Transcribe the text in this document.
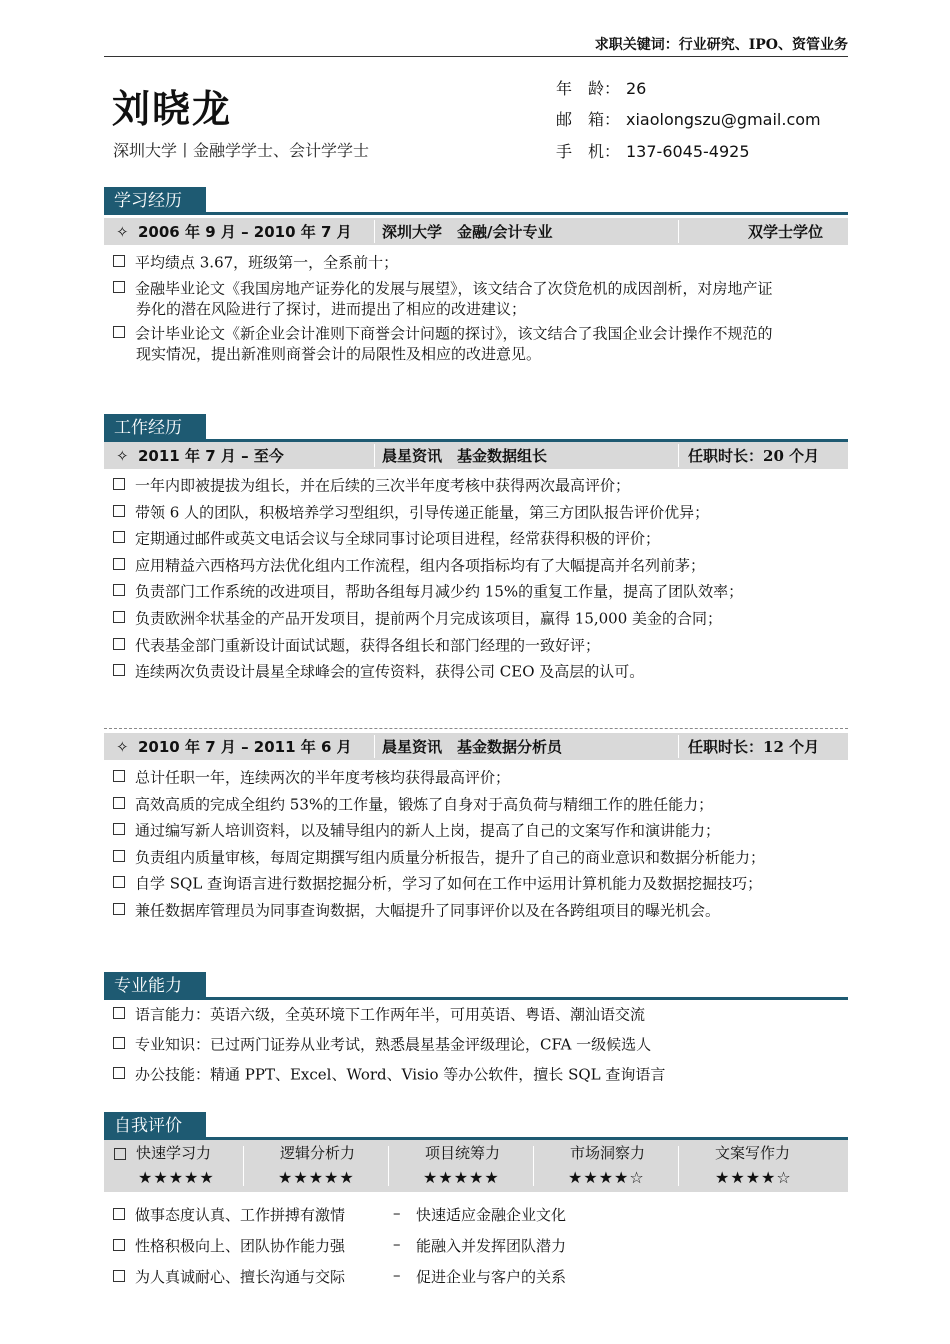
求职关键词：行业研究、IPO、资管业务
刘晓龙
深圳大学丨金融学学士、会计学学士
年　龄： 26
邮　箱： xiaolongszu@gmail.com
手　机： 137-6045-4925
学习经历
✧ 2006 年 9 月 – 2010 年 7 月 深圳大学　金融/会计专业	双学士学位
平均绩点 3.67，班级第一，全系前十；
金融毕业论文《我国房地产证券化的发展与展望》，该文结合了次贷危机的成因剖析，对房地产证
券化的潜在风险进行了探讨，进而提出了相应的改进建议；
会计毕业论文《新企业会计准则下商誉会计问题的探讨》，该文结合了我国企业会计操作不规范的
现实情况，提出新准则商誉会计的局限性及相应的改进意见。
工作经历
✧ 2011 年 7 月 – 至今	晨星资讯　基金数据组长	任职时长：20 个月
一年内即被提拔为组长，并在后续的三次半年度考核中获得两次最高评价；
带领 6 人的团队，积极培养学习型组织，引导传递正能量，第三方团队报告评价优异；
定期通过邮件或英文电话会议与全球同事讨论项目进程，经常获得积极的评价；
应用精益六西格玛方法优化组内工作流程，组内各项指标均有了大幅提高并名列前茅；
负责部门工作系统的改进项目，帮助各组每月减少约 15%的重复工作量，提高了团队效率；
负责欧洲伞状基金的产品开发项目，提前两个月完成该项目，赢得 15,000 美金的合同；
代表基金部门重新设计面试试题，获得各组长和部门经理的一致好评；
连续两次负责设计晨星全球峰会的宣传资料，获得公司 CEO 及高层的认可。
✧ 2010 年 7 月 – 2011 年 6 月 晨星资讯　基金数据分析员	任职时长：12 个月
总计任职一年，连续两次的半年度考核均获得最高评价；
高效高质的完成全组约 53%的工作量，锻炼了自身对于高负荷与精细工作的胜任能力；
通过编写新人培训资料，以及辅导组内的新人上岗，提高了自己的文案写作和演讲能力；
负责组内质量审核，每周定期撰写组内质量分析报告，提升了自己的商业意识和数据分析能力；
自学 SQL 查询语言进行数据挖掘分析，学习了如何在工作中运用计算机能力及数据挖掘技巧；
兼任数据库管理员为同事查询数据，大幅提升了同事评价以及在各跨组项目的曝光机会。
专业能力
语言能力：英语六级，全英环境下工作两年半，可用英语、粤语、潮汕语交流
专业知识：已过两门证券从业考试，熟悉晨星基金评级理论，CFA 一级候选人
办公技能：精通 PPT、Excel、Word、Visio 等办公软件，擅长 SQL 查询语言
自我评价
快速学习力
★★★★★
逻辑分析力
★★★★★
项目统筹力
★★★★★
市场洞察力
★★★★☆
文案写作力
★★★★☆
做事态度认真、工作拼搏有激情	– 快速适应金融企业文化
性格积极向上、团队协作能力强	– 能融入并发挥团队潜力
为人真诚耐心、擅长沟通与交际	– 促进企业与客户的关系
